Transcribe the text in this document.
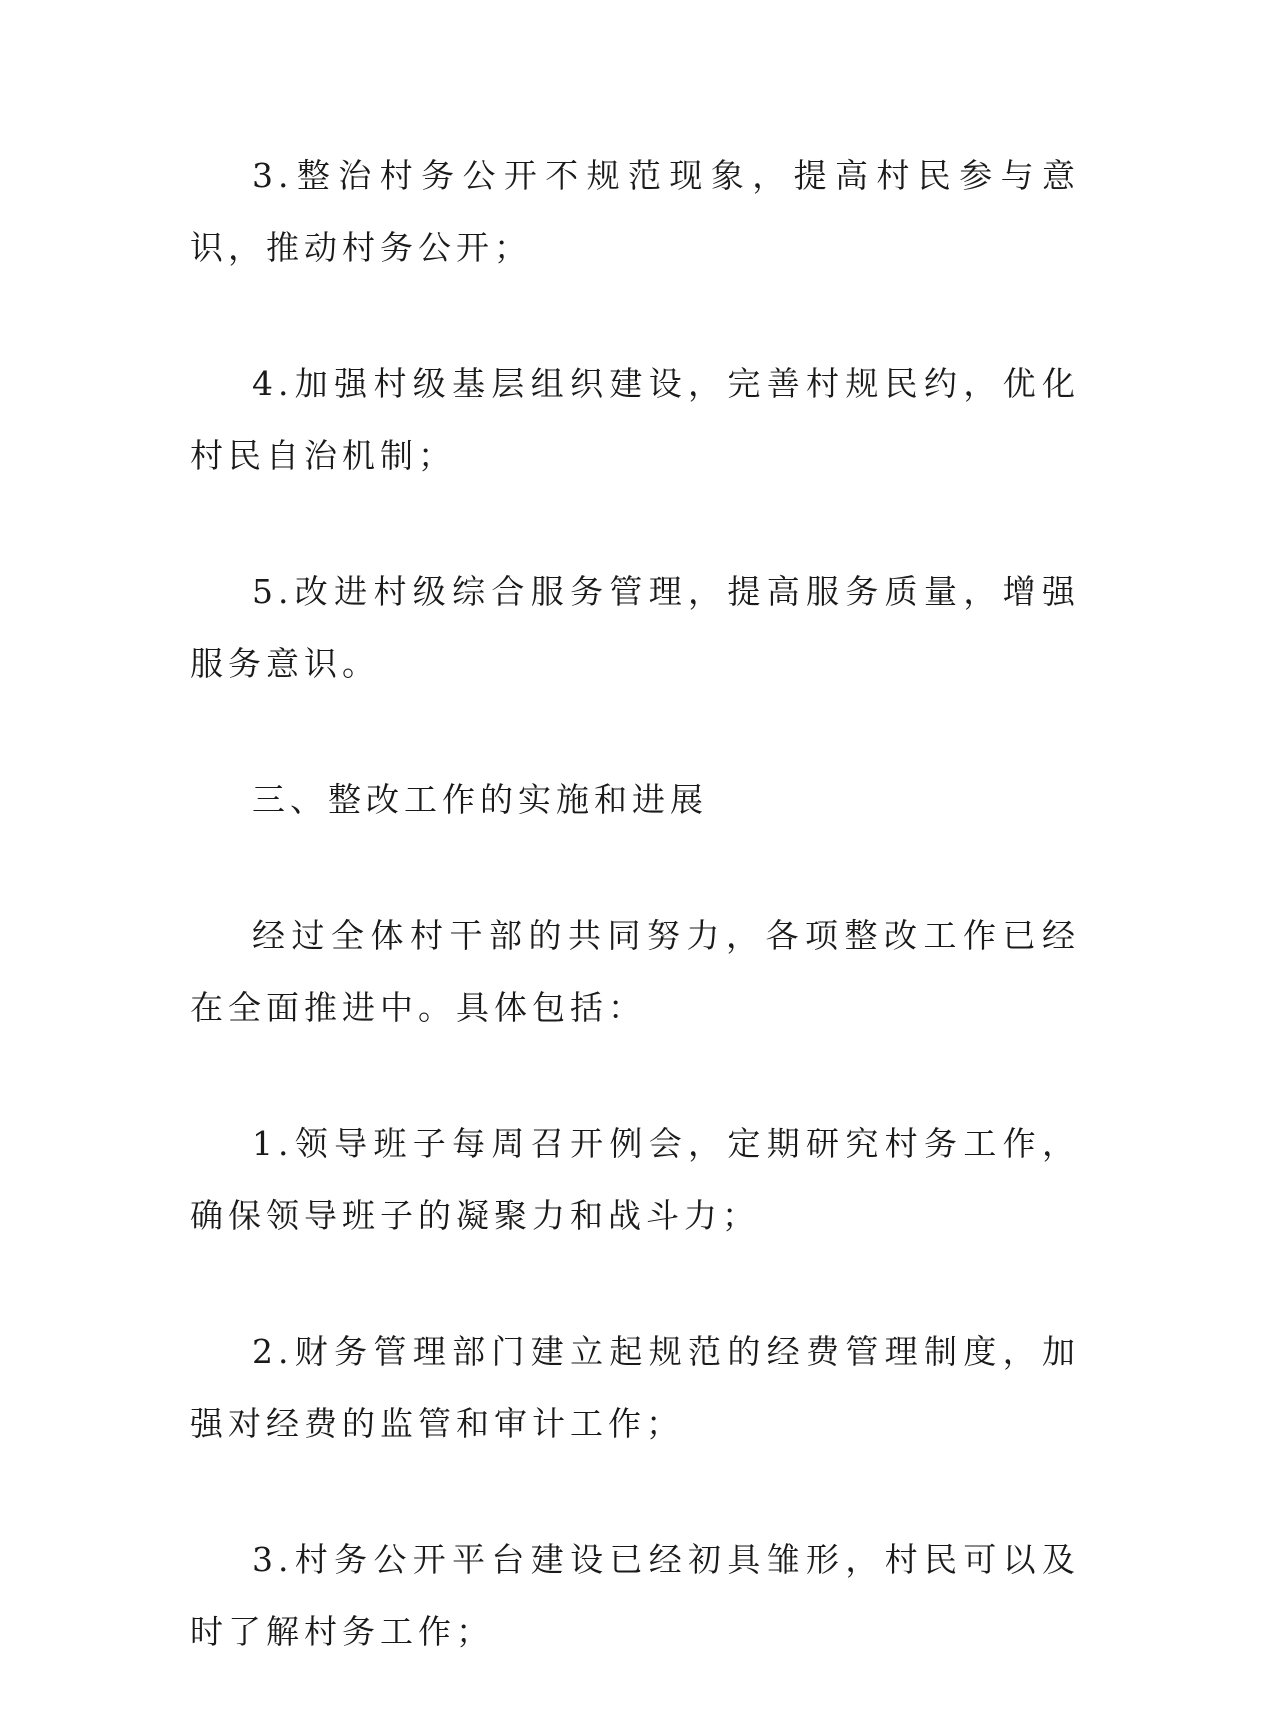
3.整治村务公开不规范现象，提高村民参与意识，推动村务公开；

4.加强村级基层组织建设，完善村规民约，优化村民自治机制；

5.改进村级综合服务管理，提高服务质量，增强服务意识。

三、整改工作的实施和进展

经过全体村干部的共同努力，各项整改工作已经在全面推进中。具体包括：

1.领导班子每周召开例会，定期研究村务工作，确保领导班子的凝聚力和战斗力；

2.财务管理部门建立起规范的经费管理制度，加强对经费的监管和审计工作；

3.村务公开平台建设已经初具雏形，村民可以及时了解村务工作；
